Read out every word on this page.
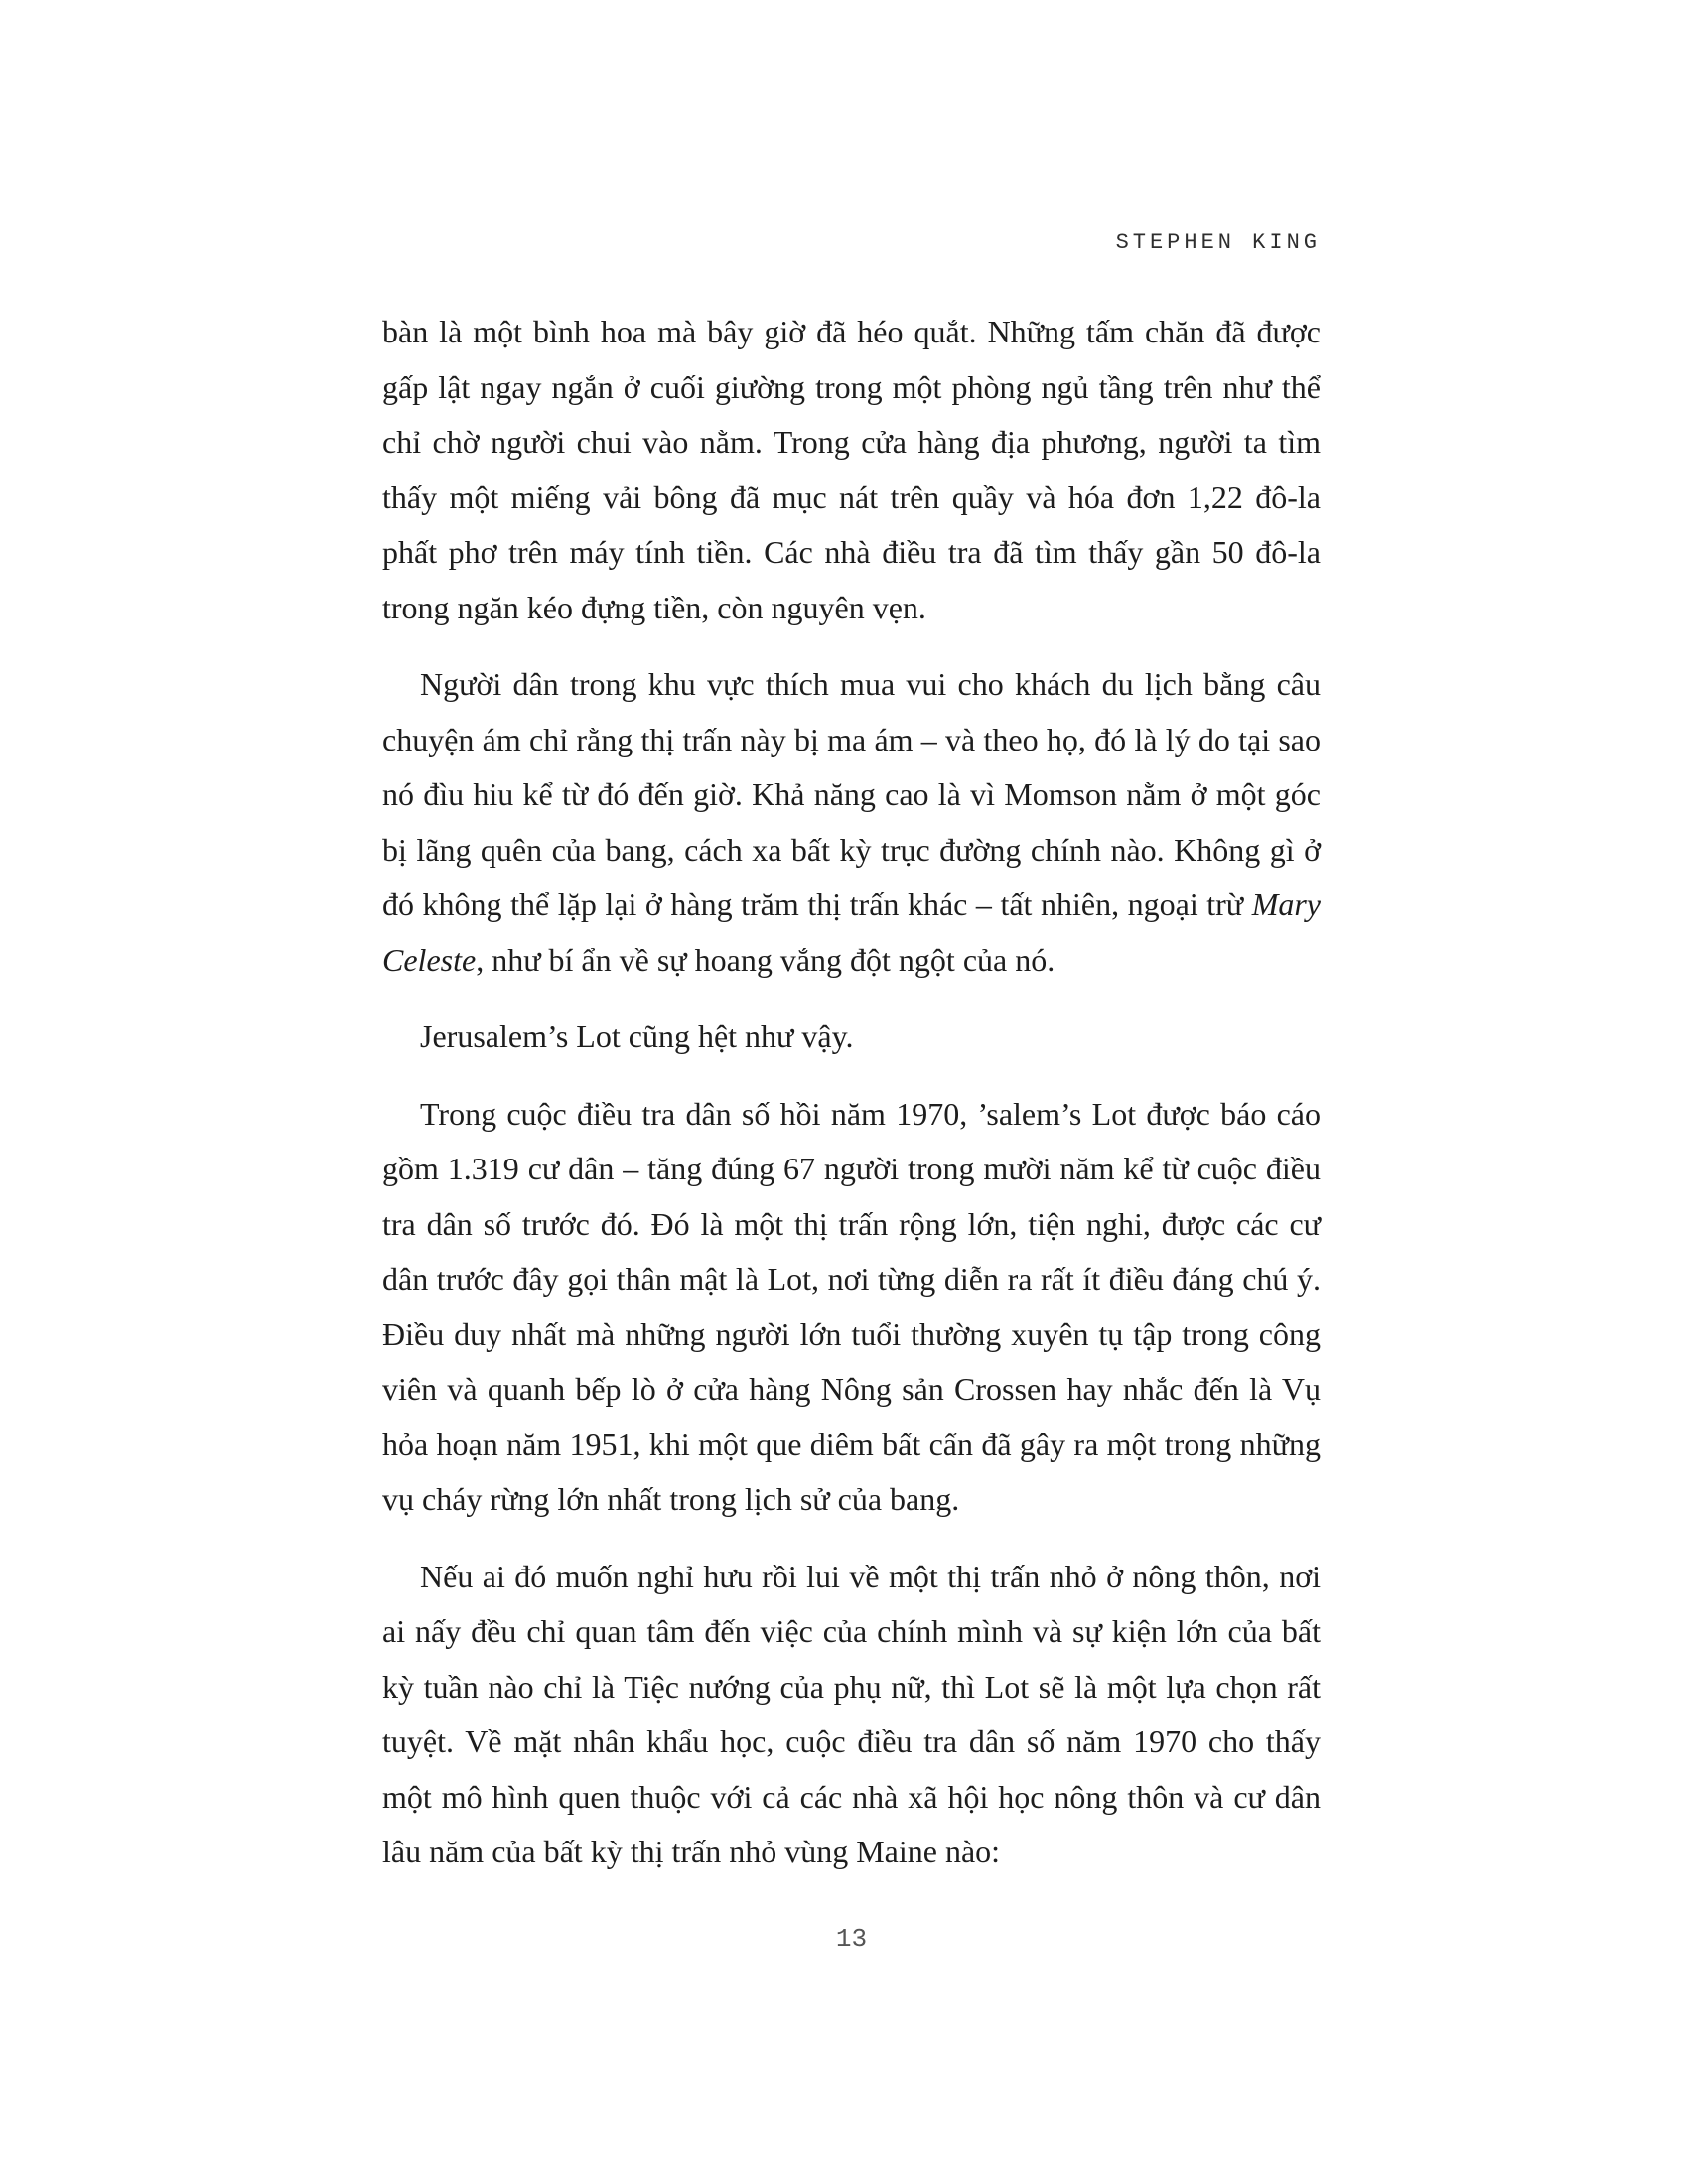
STEPHEN KING

bàn là một bình hoa mà bây giờ đã héo quắt. Những tấm chăn đã được gấp lật ngay ngắn ở cuối giường trong một phòng ngủ tầng trên như thể chỉ chờ người chui vào nằm. Trong cửa hàng địa phương, người ta tìm thấy một miếng vải bông đã mục nát trên quầy và hóa đơn 1,22 đô-la phất phơ trên máy tính tiền. Các nhà điều tra đã tìm thấy gần 50 đô-la trong ngăn kéo đựng tiền, còn nguyên vẹn.

Người dân trong khu vực thích mua vui cho khách du lịch bằng câu chuyện ám chỉ rằng thị trấn này bị ma ám – và theo họ, đó là lý do tại sao nó đìu hiu kể từ đó đến giờ. Khả năng cao là vì Momson nằm ở một góc bị lãng quên của bang, cách xa bất kỳ trục đường chính nào. Không gì ở đó không thể lặp lại ở hàng trăm thị trấn khác – tất nhiên, ngoại trừ Mary Celeste, như bí ẩn về sự hoang vắng đột ngột của nó.

Jerusalem’s Lot cũng hệt như vậy.

Trong cuộc điều tra dân số hồi năm 1970, ’salem’s Lot được báo cáo gồm 1.319 cư dân – tăng đúng 67 người trong mười năm kể từ cuộc điều tra dân số trước đó. Đó là một thị trấn rộng lớn, tiện nghi, được các cư dân trước đây gọi thân mật là Lot, nơi từng diễn ra rất ít điều đáng chú ý. Điều duy nhất mà những người lớn tuổi thường xuyên tụ tập trong công viên và quanh bếp lò ở cửa hàng Nông sản Crossen hay nhắc đến là Vụ hỏa hoạn năm 1951, khi một que diêm bất cẩn đã gây ra một trong những vụ cháy rừng lớn nhất trong lịch sử của bang.

Nếu ai đó muốn nghỉ hưu rồi lui về một thị trấn nhỏ ở nông thôn, nơi ai nấy đều chỉ quan tâm đến việc của chính mình và sự kiện lớn của bất kỳ tuần nào chỉ là Tiệc nướng của phụ nữ, thì Lot sẽ là một lựa chọn rất tuyệt. Về mặt nhân khẩu học, cuộc điều tra dân số năm 1970 cho thấy một mô hình quen thuộc với cả các nhà xã hội học nông thôn và cư dân lâu năm của bất kỳ thị trấn nhỏ vùng Maine nào:

13
